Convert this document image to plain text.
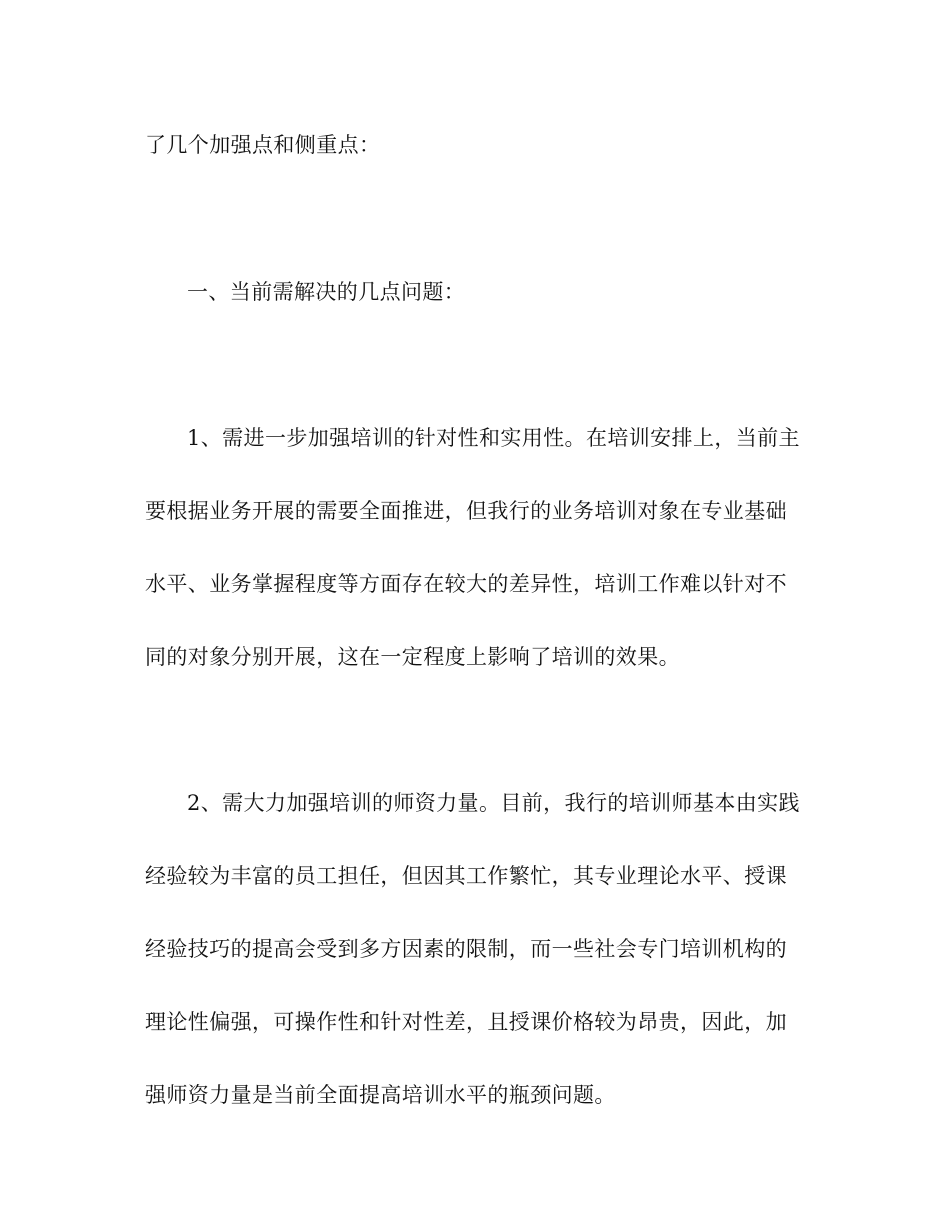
了几个加强点和侧重点：
一、当前需解决的几点问题：
1、需进一步加强培训的针对性和实用性。在培训安排上，当前主
要根据业务开展的需要全面推进，但我行的业务培训对象在专业基础
水平、业务掌握程度等方面存在较大的差异性，培训工作难以针对不
同的对象分别开展，这在一定程度上影响了培训的效果。
2、需大力加强培训的师资力量。目前，我行的培训师基本由实践
经验较为丰富的员工担任，但因其工作繁忙，其专业理论水平、授课
经验技巧的提高会受到多方因素的限制，而一些社会专门培训机构的
理论性偏强，可操作性和针对性差，且授课价格较为昂贵，因此，加
强师资力量是当前全面提高培训水平的瓶颈问题。
